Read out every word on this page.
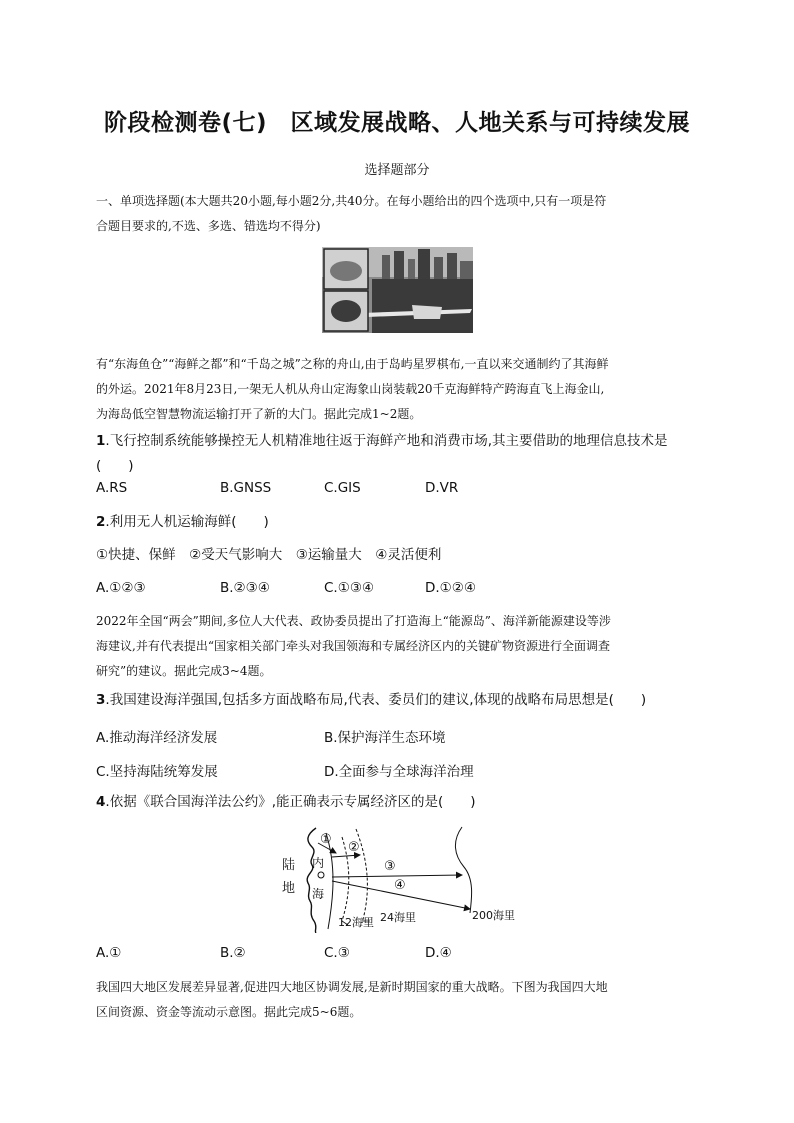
阶段检测卷(七)　区域发展战略、人地关系与可持续发展
选择题部分
一、单项选择题(本大题共20小题,每小题2分,共40分。在每小题给出的四个选项中,只有一项是符
合题目要求的,不选、多选、错选均不得分)
有“东海鱼仓”“海鲜之都”和“千岛之城”之称的舟山,由于岛屿星罗棋布,一直以来交通制约了其海鲜
的外运。2021年8月23日,一架无人机从舟山定海象山岗装载20千克海鲜特产跨海直飞上海金山,
为海岛低空智慧物流运输打开了新的大门。据此完成1~2题。
1.飞行控制系统能够操控无人机精准地往返于海鲜产地和消费市场,其主要借助的地理信息技术是
(　　)
A.RS	B.GNSS	C.GIS	D.VR
2.利用无人机运输海鲜(　　)
①快捷、保鲜　②受天气影响大　③运输量大　④灵活便利
A.①②③	B.②③④	C.①③④	D.①②④
2022年全国“两会”期间,多位人大代表、政协委员提出了打造海上“能源岛”、海洋新能源建设等涉
海建议,并有代表提出“国家相关部门牵头对我国领海和专属经济区内的关键矿物资源进行全面调查
研究”的建议。据此完成3~4题。
3.我国建设海洋强国,包括多方面战略布局,代表、委员们的建议,体现的战略布局思想是(　　)
A.推动海洋经济发展	B.保护海洋生态环境
C.坚持海陆统筹发展	D.全面参与全球海洋治理
4.依据《联合国海洋法公约》,能正确表示专属经济区的是(　　)
陆
地
内
海
①
②
③
④
12海里 24海里	200海里
A.①	B.②	C.③	D.④
我国四大地区发展差异显著,促进四大地区协调发展,是新时期国家的重大战略。下图为我国四大地
区间资源、资金等流动示意图。据此完成5~6题。
